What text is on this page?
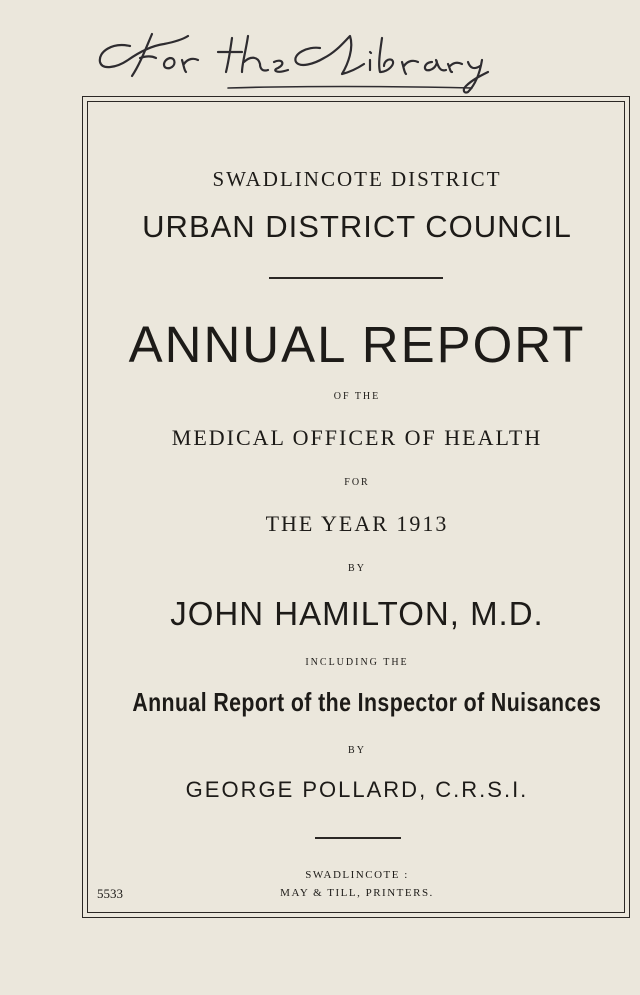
SWADLINCOTE DISTRICT
URBAN DISTRICT COUNCIL
ANNUAL REPORT
OF THE
MEDICAL OFFICER OF HEALTH
FOR
THE YEAR 1913
BY
JOHN HAMILTON, M.D.
INCLUDING THE
Annual Report of the Inspector of Nuisances
BY
GEORGE POLLARD, C.R.S.I.
SWADLINCOTE :
MAY & TILL, PRINTERS.
5533
